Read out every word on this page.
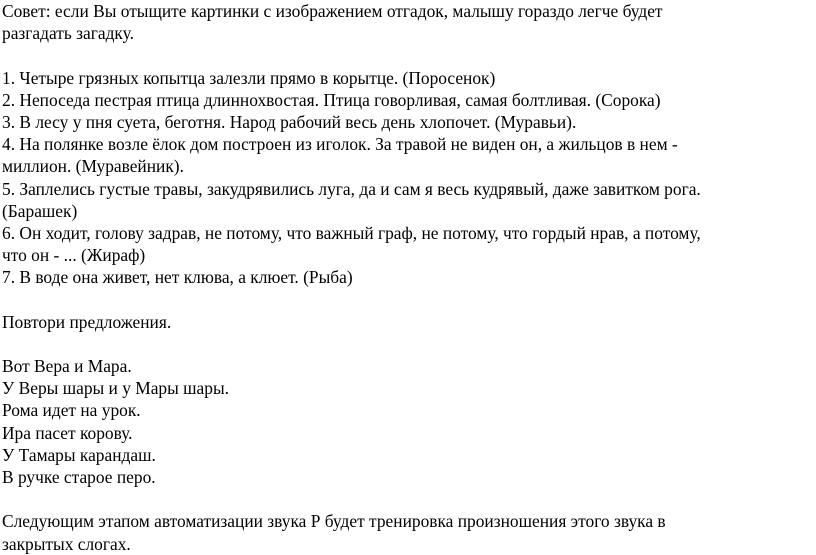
Совет: если Вы отыщите картинки с изображением отгадок, малышу гораздо легче будет
разгадать загадку.
1. Четыре грязных копытца залезли прямо в корытце. (Поросенок)
2. Непоседа пестрая птица длиннохвостая. Птица говорливая, самая болтливая. (Сорока)
3. В лесу у пня суета, беготня. Народ рабочий весь день хлопочет. (Муравьи).
4. На полянке возле ёлок дом построен из иголок. За травой не виден он, а жильцов в нем -
миллион. (Муравейник).
5. Заплелись густые травы, закудрявились луга, да и сам я весь кудрявый, даже завитком рога.
(Барашек)
6. Он ходит, голову задрав, не потому, что важный граф, не потому, что гордый нрав, а потому,
что он - ... (Жираф)
7. В воде она живет, нет клюва, а клюет. (Рыба)
Повтори предложения.
Вот Вера и Мара.
У Веры шары и у Мары шары.
Рома идет на урок.
Ира пасет корову.
У Тамары карандаш.
В ручке старое перо.
Следующим этапом автоматизации звука Р будет тренировка произношения этого звука в
закрытых слогах.
